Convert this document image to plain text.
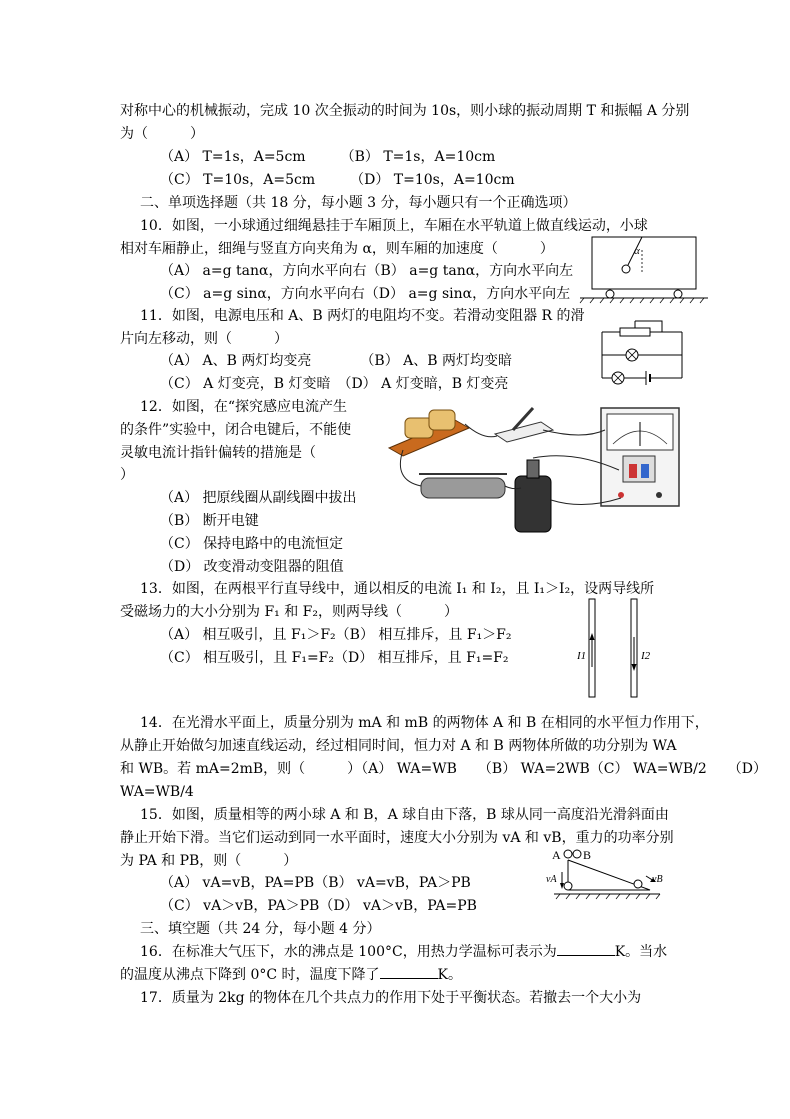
对称中心的机械振动，完成 10 次全振动的时间为 10s，则小球的振动周期 T 和振幅 A 分别
为（　　　）
（A） T=1s，A=5cm　　　（B） T=1s，A=10cm
（C） T=10s，A=5cm　　　（D） T=10s，A=10cm
二、单项选择题（共 18 分，每小题 3 分，每小题只有一个正确选项）
10．如图，一小球通过细绳悬挂于车厢顶上，车厢在水平轨道上做直线运动，小球
相对车厢静止，细绳与竖直方向夹角为 α，则车厢的加速度（　　　）
（A） a=g tanα，方向水平向右（B） a=g tanα，方向水平向左
（C） a=g sinα，方向水平向右（D） a=g sinα，方向水平向左
11．如图，电源电压和 A、B 两灯的电阻均不变。若滑动变阻器 R 的滑
片向左移动，则（　　　）
（A） A、B 两灯均变亮　　　　（B） A、B 两灯均变暗
（C） A 灯变亮，B 灯变暗　（D） A 灯变暗，B 灯变亮
12．如图，在“探究感应电流产生
的条件”实验中，闭合电键后，不能使
灵敏电流计指针偏转的措施是（
）
（A） 把原线圈从副线圈中拔出
（B） 断开电键
（C） 保持电路中的电流恒定
（D） 改变滑动变阻器的阻值
13．如图，在两根平行直导线中，通以相反的电流 I₁ 和 I₂，且 I₁＞I₂，设两导线所
受磁场力的大小分别为 F₁ 和 F₂，则两导线（　　　）
（A） 相互吸引，且 F₁＞F₂（B） 相互排斥，且 F₁＞F₂
（C） 相互吸引，且 F₁=F₂（D） 相互排斥，且 F₁=F₂
14．在光滑水平面上，质量分别为 mA 和 mB 的两物体 A 和 B 在相同的水平恒力作用下，
从静止开始做匀加速直线运动，经过相同时间，恒力对 A 和 B 两物体所做的功分别为 WA
和 WB。若 mA=2mB，则（　　　）（A） WA=WB　　（B） WA=2WB（C） WA=WB/2　　（D）
WA=WB/4
15．如图，质量相等的两小球 A 和 B，A 球自由下落，B 球从同一高度沿光滑斜面由
静止开始下滑。当它们运动到同一水平面时，速度大小分别为 vA 和 vB，重力的功率分别
为 PA 和 PB，则（　　　）
（A） vA=vB，PA=PB（B） vA=vB，PA＞PB
（C） vA＞vB，PA＞PB（D） vA＞vB，PA=PB
三、填空题（共 24 分，每小题 4 分）
16．在标准大气压下，水的沸点是 100°C，用热力学温标可表示为	K。当水
的温度从沸点下降到 0°C 时，温度下降了	K。
17．质量为 2kg 的物体在几个共点力的作用下处于平衡状态。若撤去一个大小为
α
I1	I2
A B
vA	vB
